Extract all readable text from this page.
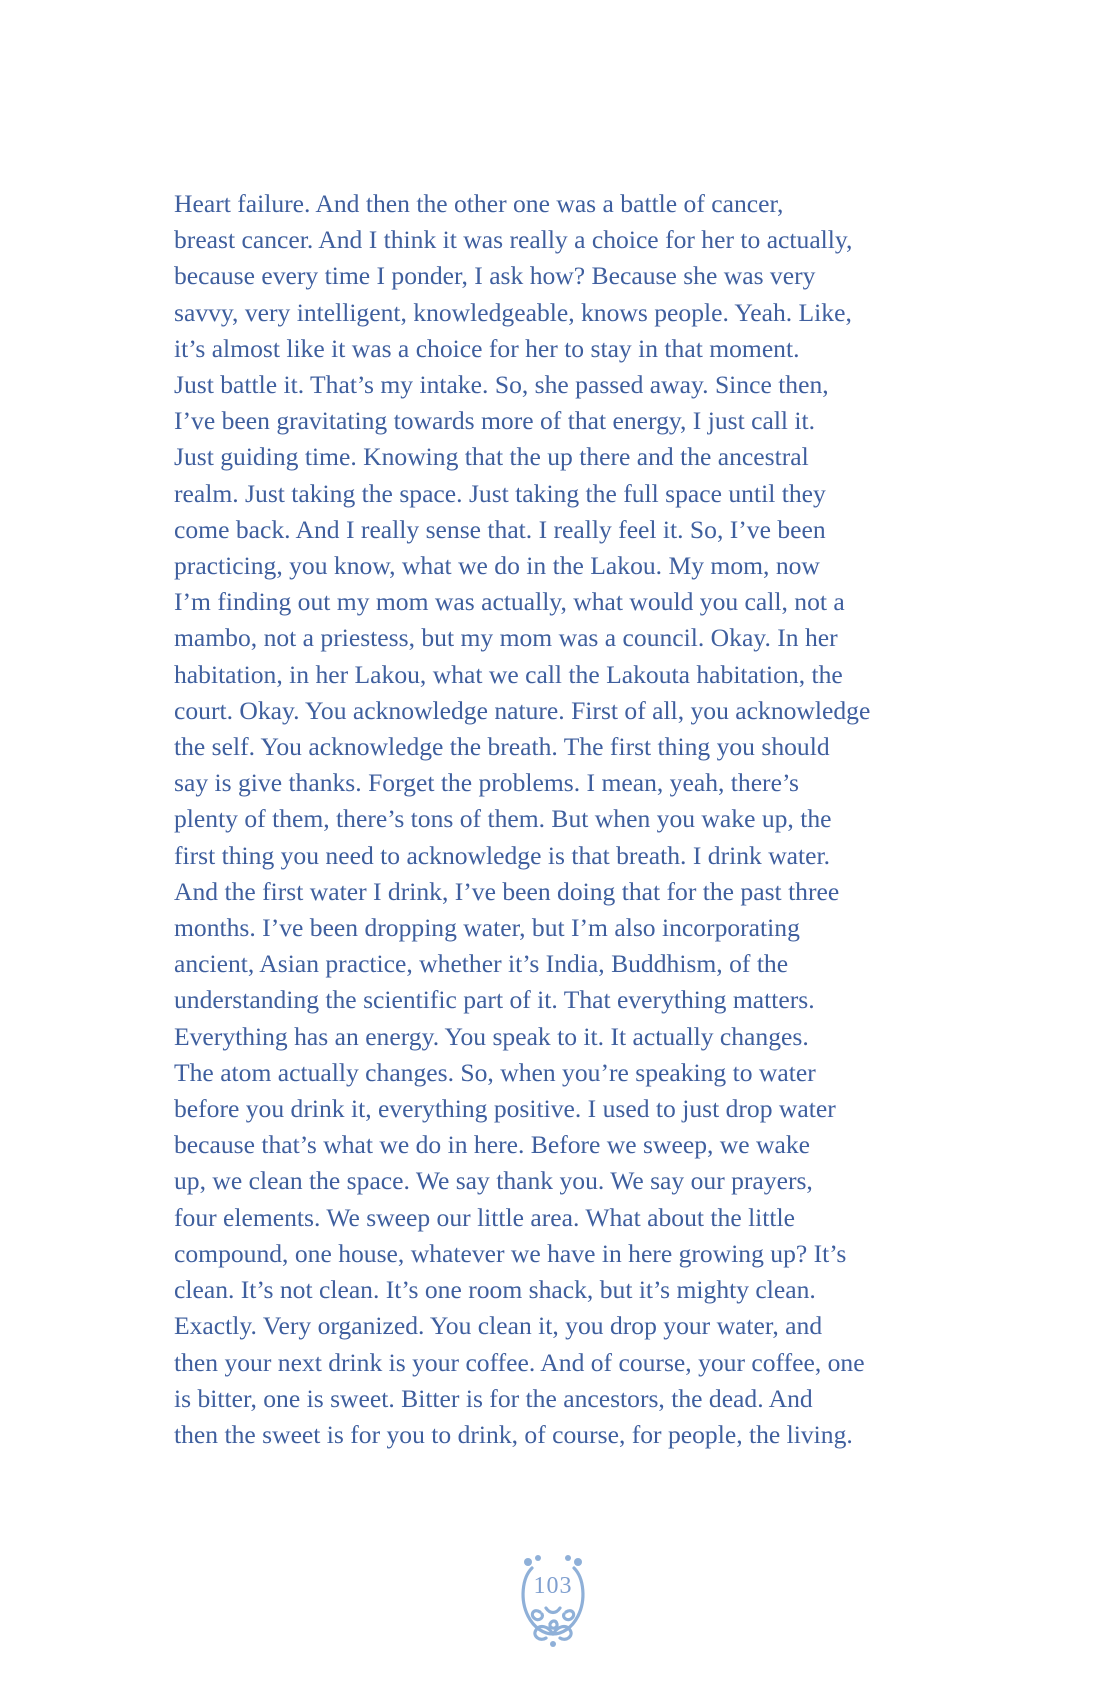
Heart failure. And then the other one was a battle of cancer,
breast cancer. And I think it was really a choice for her to actually,
because every time I ponder, I ask how? Because she was very
savvy, very intelligent, knowledgeable, knows people. Yeah. Like,
it’s almost like it was a choice for her to stay in that moment.
Just battle it. That’s my intake. So, she passed away. Since then,
I’ve been gravitating towards more of that energy, I just call it.
Just guiding time. Knowing that the up there and the ancestral
realm. Just taking the space. Just taking the full space until they
come back. And I really sense that. I really feel it. So, I’ve been
practicing, you know, what we do in the Lakou. My mom, now
I’m finding out my mom was actually, what would you call, not a
mambo, not a priestess, but my mom was a council. Okay. In her
habitation, in her Lakou, what we call the Lakouta habitation, the
court. Okay. You acknowledge nature. First of all, you acknowledge
the self. You acknowledge the breath. The first thing you should
say is give thanks. Forget the problems. I mean, yeah, there’s
plenty of them, there’s tons of them. But when you wake up, the
first thing you need to acknowledge is that breath. I drink water.
And the first water I drink, I’ve been doing that for the past three
months. I’ve been dropping water, but I’m also incorporating
ancient, Asian practice, whether it’s India, Buddhism, of the
understanding the scientific part of it. That everything matters.
Everything has an energy. You speak to it. It actually changes.
The atom actually changes. So, when you’re speaking to water
before you drink it, everything positive. I used to just drop water
because that’s what we do in here. Before we sweep, we wake
up, we clean the space. We say thank you. We say our prayers,
four elements. We sweep our little area. What about the little
compound, one house, whatever we have in here growing up? It’s
clean. It’s not clean. It’s one room shack, but it’s mighty clean.
Exactly. Very organized. You clean it, you drop your water, and
then your next drink is your coffee. And of course, your coffee, one
is bitter, one is sweet. Bitter is for the ancestors, the dead. And
then the sweet is for you to drink, of course, for people, the living.

103
